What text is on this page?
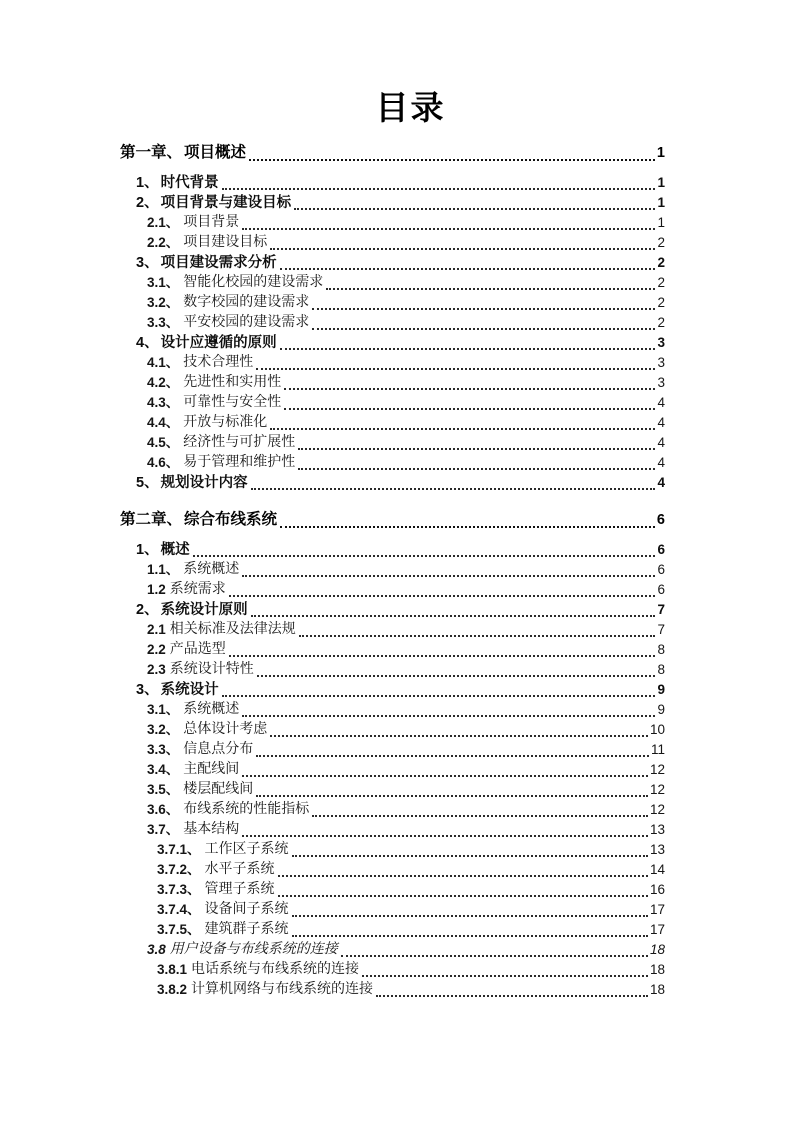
目录
第一章、 项目概述	1
1、 时代背景	1
2、 项目背景与建设目标	1
2.1、 项目背景	1
2.2、 项目建设目标	2
3、 项目建设需求分析	2
3.1、 智能化校园的建设需求	2
3.2、 数字校园的建设需求	2
3.3、 平安校园的建设需求	2
4、 设计应遵循的原则	3
4.1、 技术合理性	3
4.2、 先进性和实用性	3
4.3、 可靠性与安全性	4
4.4、 开放与标准化	4
4.5、 经济性与可扩展性	4
4.6、 易于管理和维护性	4
5、 规划设计内容	4
第二章、 综合布线系统	6
1、 概述	6
1.1、 系统概述	6
1.2 系统需求	6
2、 系统设计原则	7
2.1 相关标准及法律法规	7
2.2 产品选型	8
2.3 系统设计特性	8
3、 系统设计	9
3.1、 系统概述	9
3.2、 总体设计考虑	10
3.3、 信息点分布	11
3.4、 主配线间	12
3.5、 楼层配线间	12
3.6、 布线系统的性能指标	12
3.7、 基本结构	13
3.7.1、 工作区子系统	13
3.7.2、 水平子系统	14
3.7.3、 管理子系统	16
3.7.4、 设备间子系统	17
3.7.5、 建筑群子系统	17
3.8 用户设备与布线系统的连接	18
3.8.1 电话系统与布线系统的连接	18
3.8.2 计算机网络与布线系统的连接	18
